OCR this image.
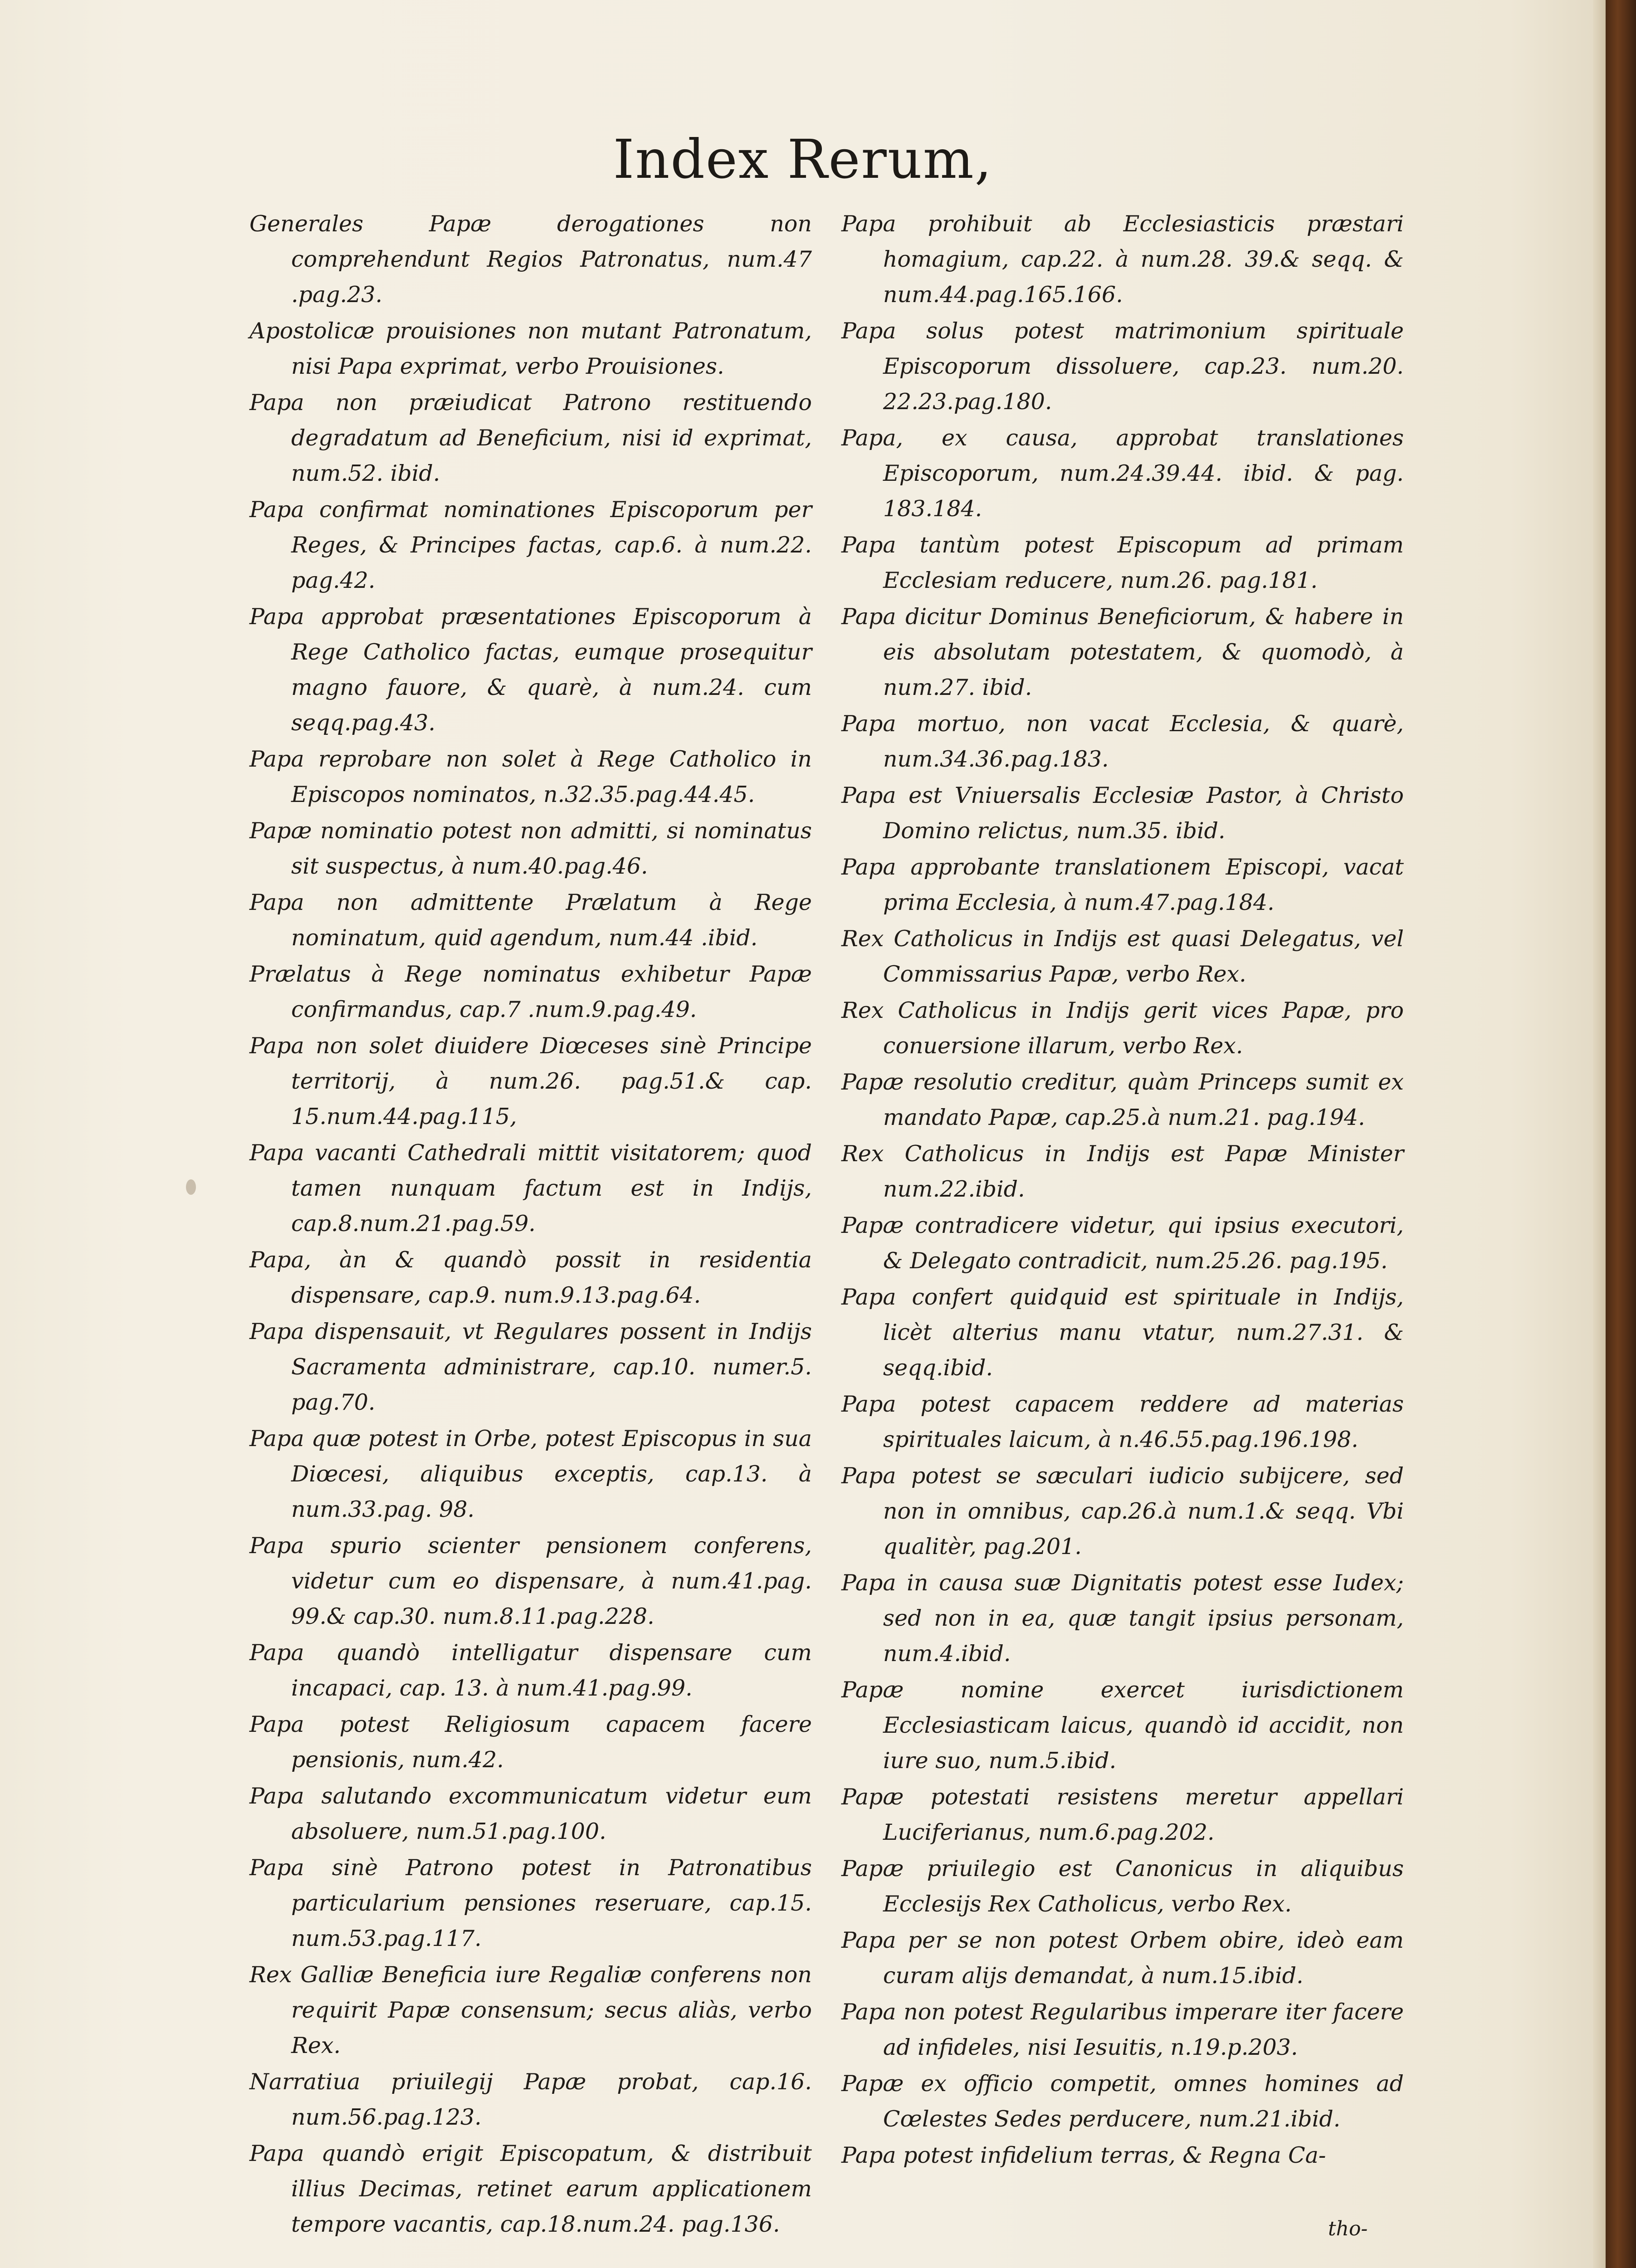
Index Rerum,
Generales Papæ derogationes non comprehendunt Regios Patronatus, num.47 .pag.23.
Apostolicæ prouisiones non mutant Patronatum, nisi Papa exprimat, verbo Prouisiones.
Papa non præiudicat Patrono restituendo degradatum ad Beneficium, nisi id exprimat, num.52. ibid.
Papa confirmat nominationes Episcoporum per Reges, & Principes factas, cap.6. à num.22. pag.42.
Papa approbat præsentationes Episcoporum à Rege Catholico factas, eumque prosequitur magno fauore, & quarè, à num.24. cum seqq.pag.43.
Papa reprobare non solet à Rege Catholico in Episcopos nominatos, n.32.35.pag.44.45.
Papæ nominatio potest non admitti, si nominatus sit suspectus, à num.40.pag.46.
Papa non admittente Prælatum à Rege nominatum, quid agendum, num.44 .ibid.
Prælatus à Rege nominatus exhibetur Papæ confirmandus, cap.7 .num.9.pag.49.
Papa non solet diuidere Diœceses sinè Principe territorij, à num.26. pag.51.& cap. 15.num.44.pag.115,
Papa vacanti Cathedrali mittit visitatorem; quod tamen nunquam factum est in Indijs, cap.8.num.21.pag.59.
Papa, àn & quandò possit in residentia dispensare, cap.9. num.9.13.pag.64.
Papa dispensauit, vt Regulares possent in Indijs Sacramenta administrare, cap.10. numer.5. pag.70.
Papa quæ potest in Orbe, potest Episcopus in sua Diœcesi, aliquibus exceptis, cap.13. à num.33.pag. 98.
Papa spurio scienter pensionem conferens, videtur cum eo dispensare, à num.41.pag. 99.& cap.30. num.8.11.pag.228.
Papa quandò intelligatur dispensare cum incapaci, cap. 13. à num.41.pag.99.
Papa potest Religiosum capacem facere pensionis, num.42.
Papa salutando excommunicatum videtur eum absoluere, num.51.pag.100.
Papa sinè Patrono potest in Patronatibus particularium pensiones reseruare, cap.15. num.53.pag.117.
Rex Galliæ Beneficia iure Regaliæ conferens non requirit Papæ consensum; secus aliàs, verbo Rex.
Narratiua priuilegij Papæ probat, cap.16. num.56.pag.123.
Papa quandò erigit Episcopatum, & distribuit illius Decimas, retinet earum applicationem tempore vacantis, cap.18.num.24. pag.136.
Papa prohibuit ab Ecclesiasticis præstari homagium, cap.22. à num.28. 39.& seqq. & num.44.pag.165.166.
Papa solus potest matrimonium spirituale Episcoporum dissoluere, cap.23. num.20. 22.23.pag.180.
Papa, ex causa, approbat translationes Episcoporum, num.24.39.44. ibid. & pag. 183.184.
Papa tantùm potest Episcopum ad primam Ecclesiam reducere, num.26. pag.181.
Papa dicitur Dominus Beneficiorum, & habere in eis absolutam potestatem, & quomodò, à num.27. ibid.
Papa mortuo, non vacat Ecclesia, & quarè, num.34.36.pag.183.
Papa est Vniuersalis Ecclesiæ Pastor, à Christo Domino relictus, num.35. ibid.
Papa approbante translationem Episcopi, vacat prima Ecclesia, à num.47.pag.184.
Rex Catholicus in Indijs est quasi Delegatus, vel Commissarius Papæ, verbo Rex.
Rex Catholicus in Indijs gerit vices Papæ, pro conuersione illarum, verbo Rex.
Papæ resolutio creditur, quàm Princeps sumit ex mandato Papæ, cap.25.à num.21. pag.194.
Rex Catholicus in Indijs est Papæ Minister num.22.ibid.
Papæ contradicere videtur, qui ipsius executori, & Delegato contradicit, num.25.26. pag.195.
Papa confert quidquid est spirituale in Indijs, licèt alterius manu vtatur, num.27.31. & seqq.ibid.
Papa potest capacem reddere ad materias spirituales laicum, à n.46.55.pag.196.198.
Papa potest se sæculari iudicio subijcere, sed non in omnibus, cap.26.à num.1.& seqq. Vbi qualitèr, pag.201.
Papa in causa suæ Dignitatis potest esse Iudex; sed non in ea, quæ tangit ipsius personam, num.4.ibid.
Papæ nomine exercet iurisdictionem Ecclesiasticam laicus, quandò id accidit, non iure suo, num.5.ibid.
Papæ potestati resistens meretur appellari Luciferianus, num.6.pag.202.
Papæ priuilegio est Canonicus in aliquibus Ecclesijs Rex Catholicus, verbo Rex.
Papa per se non potest Orbem obire, ideò eam curam alijs demandat, à num.15.ibid.
Papa non potest Regularibus imperare iter facere ad infideles, nisi Iesuitis, n.19.p.203.
Papæ ex officio competit, omnes homines ad Cœlestes Sedes perducere, num.21.ibid.
Papa potest infidelium terras, & Regna Ca-
tho-
